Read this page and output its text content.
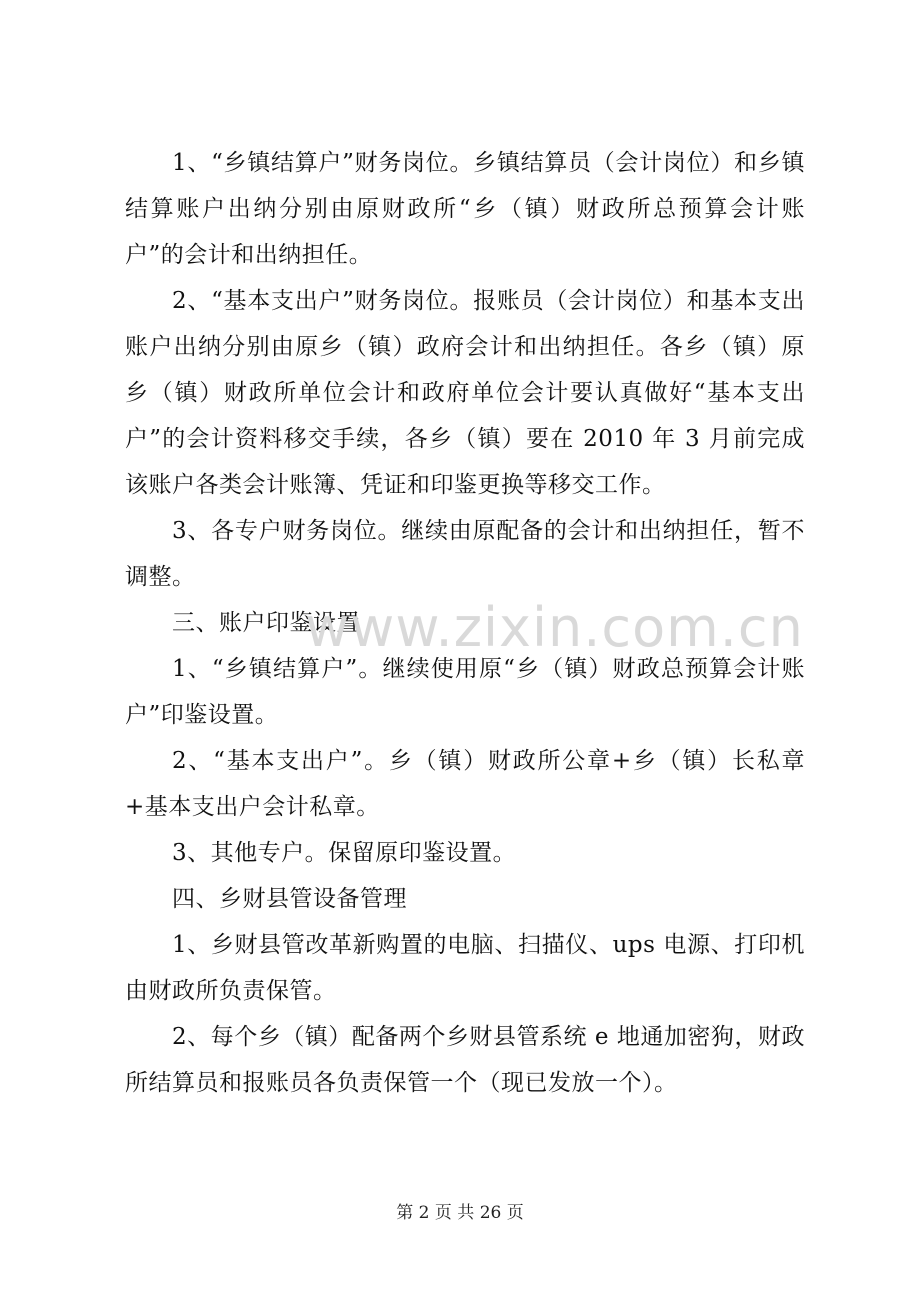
1、“乡镇结算户”财务岗位。乡镇结算员（会计岗位）和乡镇结算账户出纳分别由原财政所“乡（镇）财政所总预算会计账户”的会计和出纳担任。

2、“基本支出户”财务岗位。报账员（会计岗位）和基本支出账户出纳分别由原乡（镇）政府会计和出纳担任。各乡（镇）原乡（镇）财政所单位会计和政府单位会计要认真做好“基本支出户”的会计资料移交手续，各乡（镇）要在 2010 年 3 月前完成该账户各类会计账簿、凭证和印鉴更换等移交工作。

3、各专户财务岗位。继续由原配备的会计和出纳担任，暂不调整。

三、账户印鉴设置

1、“乡镇结算户”。继续使用原“乡（镇）财政总预算会计账户”印鉴设置。

2、“基本支出户”。乡（镇）财政所公章+乡（镇）长私章+基本支出户会计私章。

3、其他专户。保留原印鉴设置。

四、乡财县管设备管理

1、乡财县管改革新购置的电脑、扫描仪、ups 电源、打印机由财政所负责保管。

2、每个乡（镇）配备两个乡财县管系统 e 地通加密狗，财政所结算员和报账员各负责保管一个（现已发放一个）。

www.zixin.com.cn
第 2 页 共 26 页
